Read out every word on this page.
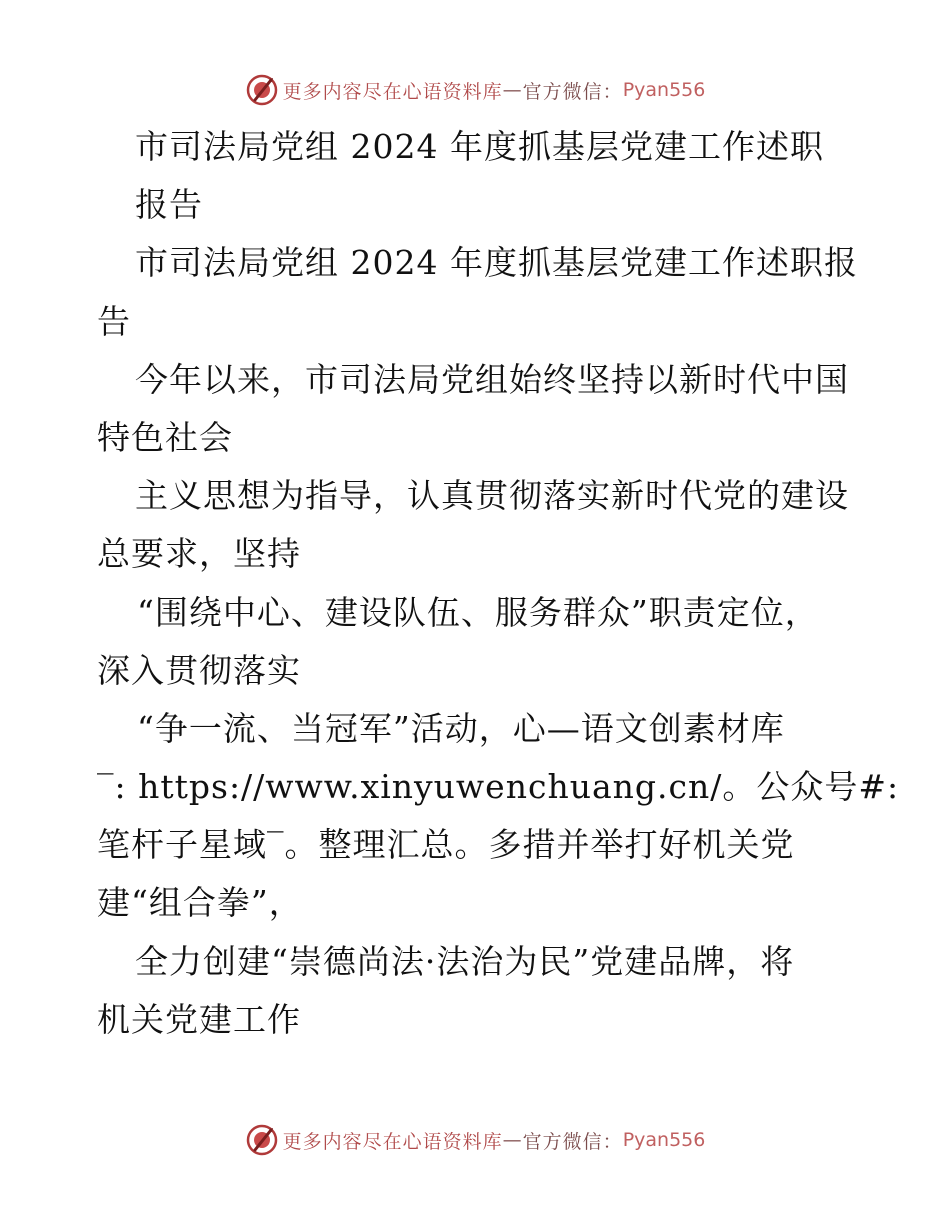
更多内容尽在心语资料库 — 官方微信： Pyan556
市司法局党组 2024 年度抓基层党建工作述职
报告
市司法局党组 2024 年度抓基层党建工作述职报
告
今年以来，市司法局党组始终坚持以新时代中国
特色社会
主义思想为指导，认真贯彻落实新时代党的建设
总要求，坚持
“围绕中心、建设队伍、服务群众”职责定位，
深入贯彻落实
“争一流、当冠军”活动，心—语文创素材库
‾: https://www.xinyuwenchuang.cn/。公众号#:
笔杆子星域‾。整理汇总。多措并举打好机关党
建“组合拳”，
全力创建“崇德尚法·法治为民”党建品牌，将
机关党建工作
更多内容尽在心语资料库 — 官方微信： Pyan556
